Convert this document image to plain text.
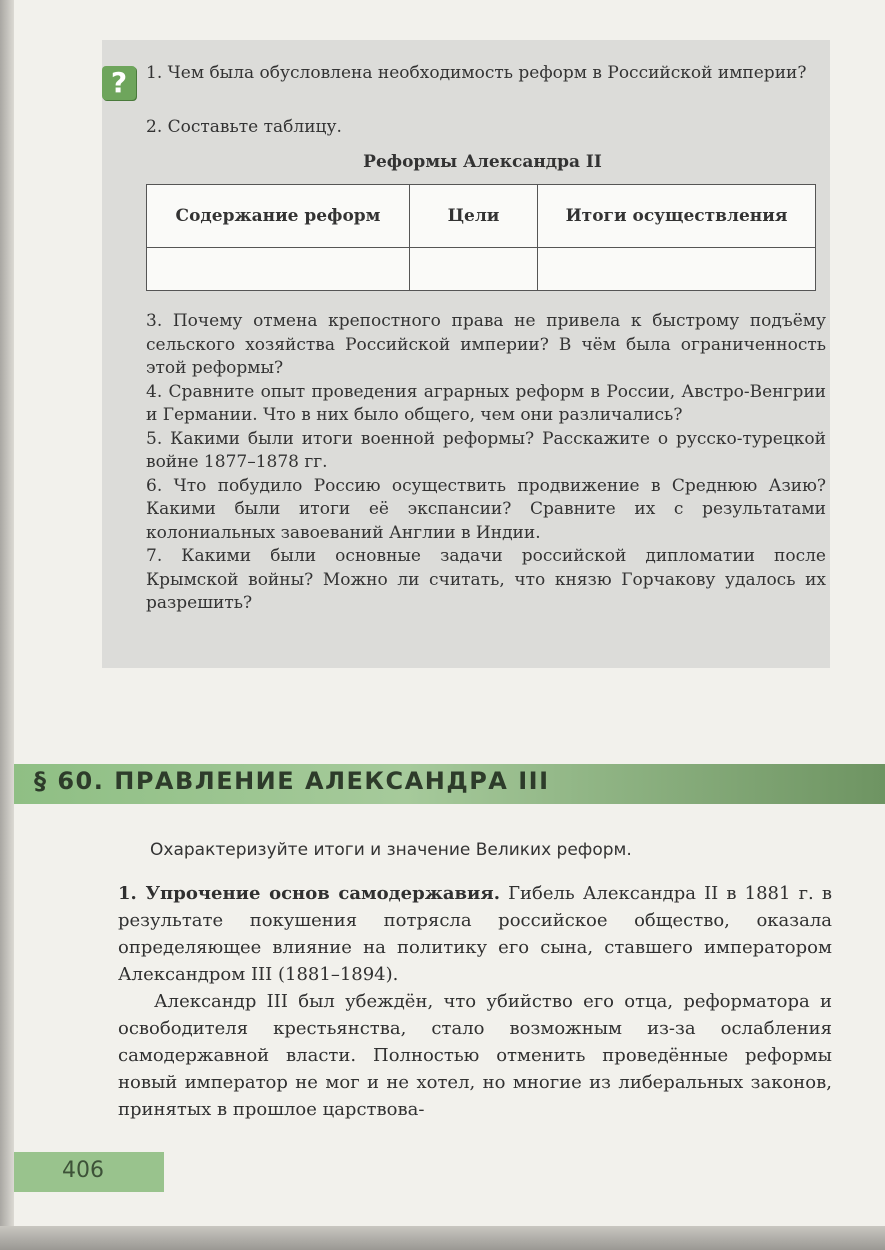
?	1. Чем была обусловлена необходимость реформ в Российской империи?
2. Составьте таблицу.
Реформы Александра II
Содержание реформ	Цели	Итоги осуществления

3. Почему отмена крепостного права не привела к быстрому подъёму сельского хозяйства Российской империи? В чём была ограниченность этой реформы?

4. Сравните опыт проведения аграрных реформ в России, Австро-Венгрии и Германии. Что в них было общего, чем они различались?

5. Какими были итоги военной реформы? Расскажите о русско-турецкой войне 1877–1878 гг.

6. Что побудило Россию осуществить продвижение в Среднюю Азию? Какими были итоги её экспансии? Сравните их с результатами колониальных завоеваний Англии в Индии.

7. Какими были основные задачи российской дипломатии после Крымской войны? Можно ли считать, что князю Горчакову удалось их разрешить?

§ 60. ПРАВЛЕНИЕ АЛЕКСАНДРА III
Охарактеризуйте итоги и значение Великих реформ.

1. Упрочение основ самодержавия. Гибель Александра II в 1881 г. в результате покушения потрясла российское общество, оказала определяющее влияние на политику его сына, ставшего императором Александром III (1881–1894).

Александр III был убеждён, что убийство его отца, реформатора и освободителя крестьянства, стало возможным из-за ослабления самодержавной власти. Полностью отменить проведённые реформы новый император не мог и не хотел, но многие из либеральных законов, принятых в прошлое царствова-

406
